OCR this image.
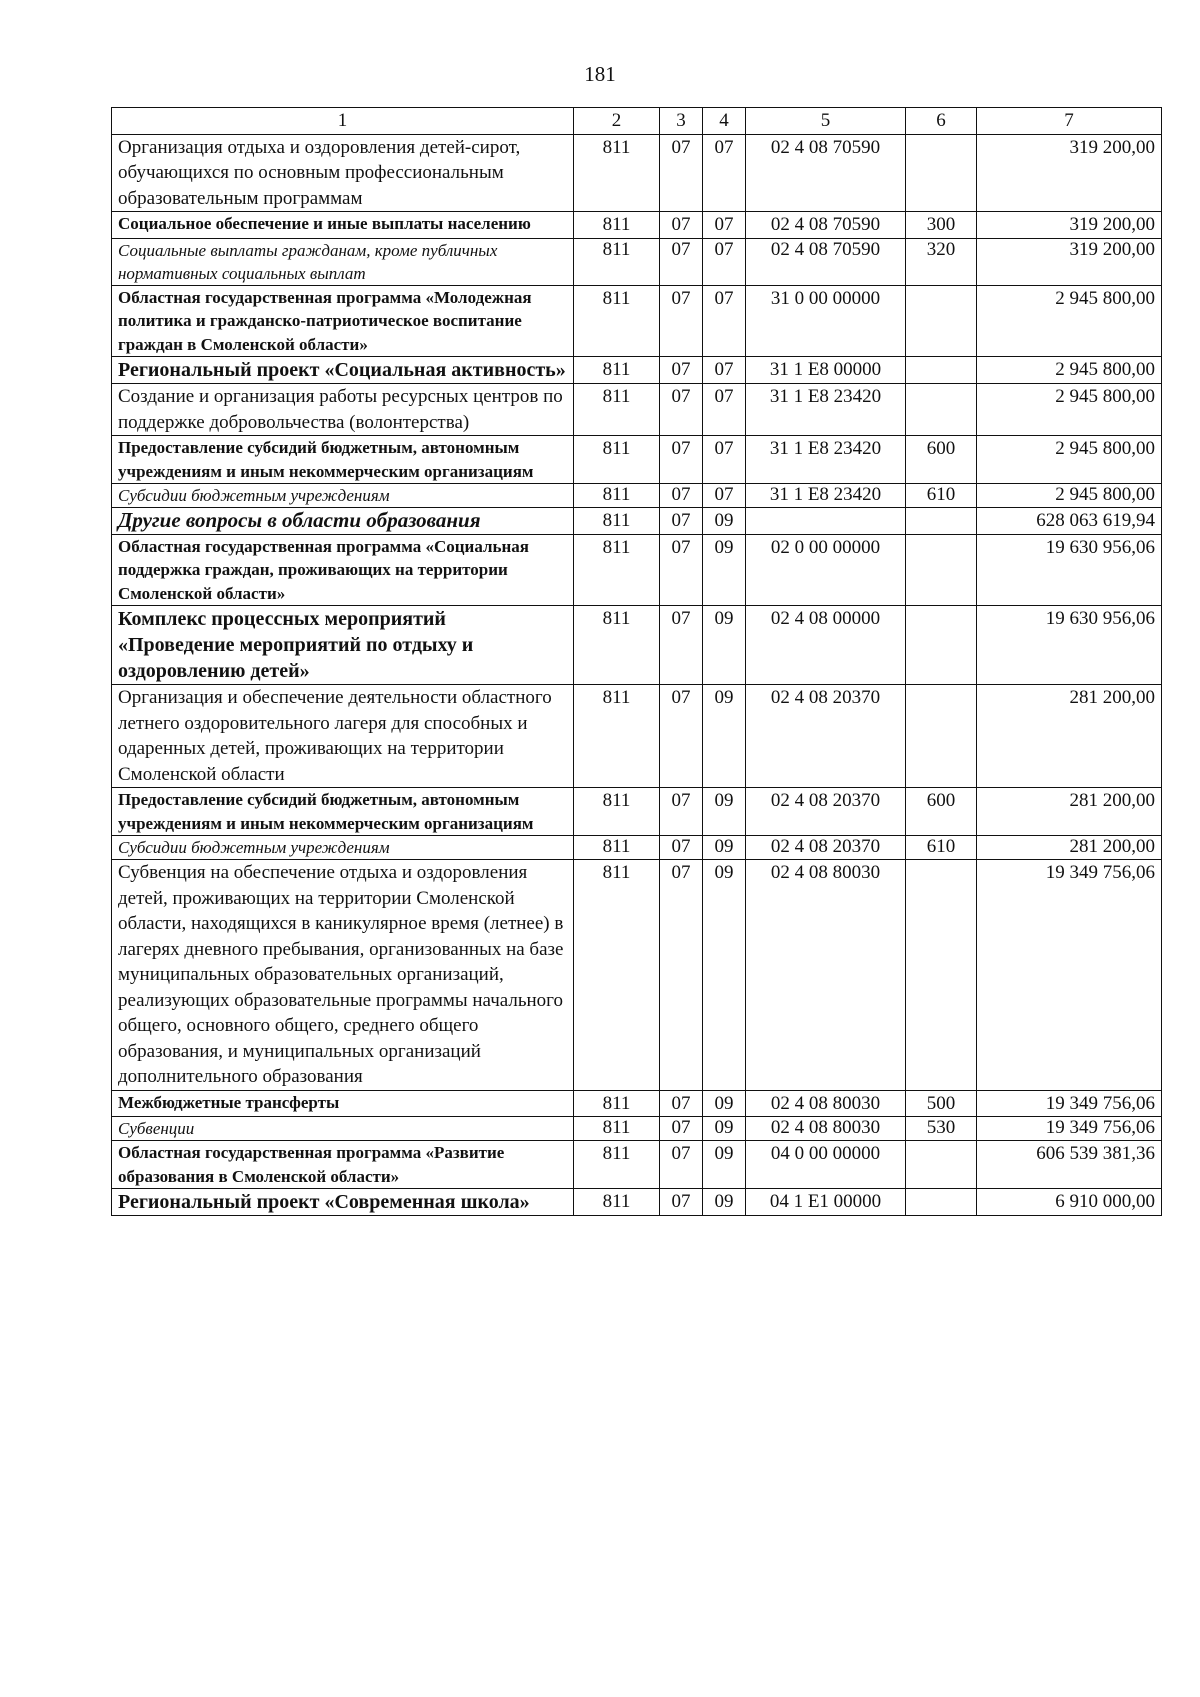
181
1	2	3	4	5	6	7
Организация отдыха и оздоровления детей-сирот, обучающихся по основным профессиональным образовательным программам	811	07	07	02 4 08 70590		319 200,00
Социальное обеспечение и иные выплаты населению	811	07	07	02 4 08 70590	300	319 200,00
Социальные выплаты гражданам, кроме публичных нормативных социальных выплат	811	07	07	02 4 08 70590	320	319 200,00
Областная государственная программа «Молодежная политика и гражданско-патриотическое воспитание граждан в Смоленской области»	811	07	07	31 0 00 00000		2 945 800,00
Региональный проект «Социальная активность»	811	07	07	31 1 Е8 00000		2 945 800,00
Создание и организация работы ресурсных центров по поддержке добровольчества (волонтерства)	811	07	07	31 1 Е8 23420		2 945 800,00
Предоставление субсидий бюджетным, автономным учреждениям и иным некоммерческим организациям	811	07	07	31 1 Е8 23420	600	2 945 800,00
Субсидии бюджетным учреждениям	811	07	07	31 1 Е8 23420	610	2 945 800,00
Другие вопросы в области образования	811	07	09			628 063 619,94
Областная государственная программа «Социальная поддержка граждан, проживающих на территории Смоленской области»	811	07	09	02 0 00 00000		19 630 956,06
Комплекс процессных мероприятий «Проведение мероприятий по отдыху и оздоровлению детей»	811	07	09	02 4 08 00000		19 630 956,06
Организация и обеспечение деятельности областного летнего оздоровительного лагеря для способных и одаренных детей, проживающих на территории Смоленской области	811	07	09	02 4 08 20370		281 200,00
Предоставление субсидий бюджетным, автономным учреждениям и иным некоммерческим организациям	811	07	09	02 4 08 20370	600	281 200,00
Субсидии бюджетным учреждениям	811	07	09	02 4 08 20370	610	281 200,00
Субвенция на обеспечение отдыха и оздоровления детей, проживающих на территории Смоленской области, находящихся в каникулярное время (летнее) в лагерях дневного пребывания, организованных на базе муниципальных образовательных организаций, реализующих образовательные программы начального общего, основного общего, среднего общего образования, и муниципальных организаций дополнительного образования	811	07	09	02 4 08 80030		19 349 756,06
Межбюджетные трансферты	811	07	09	02 4 08 80030	500	19 349 756,06
Субвенции	811	07	09	02 4 08 80030	530	19 349 756,06
Областная государственная программа «Развитие образования в Смоленской области»	811	07	09	04 0 00 00000		606 539 381,36
Региональный проект «Современная школа»	811	07	09	04 1 Е1 00000		6 910 000,00
